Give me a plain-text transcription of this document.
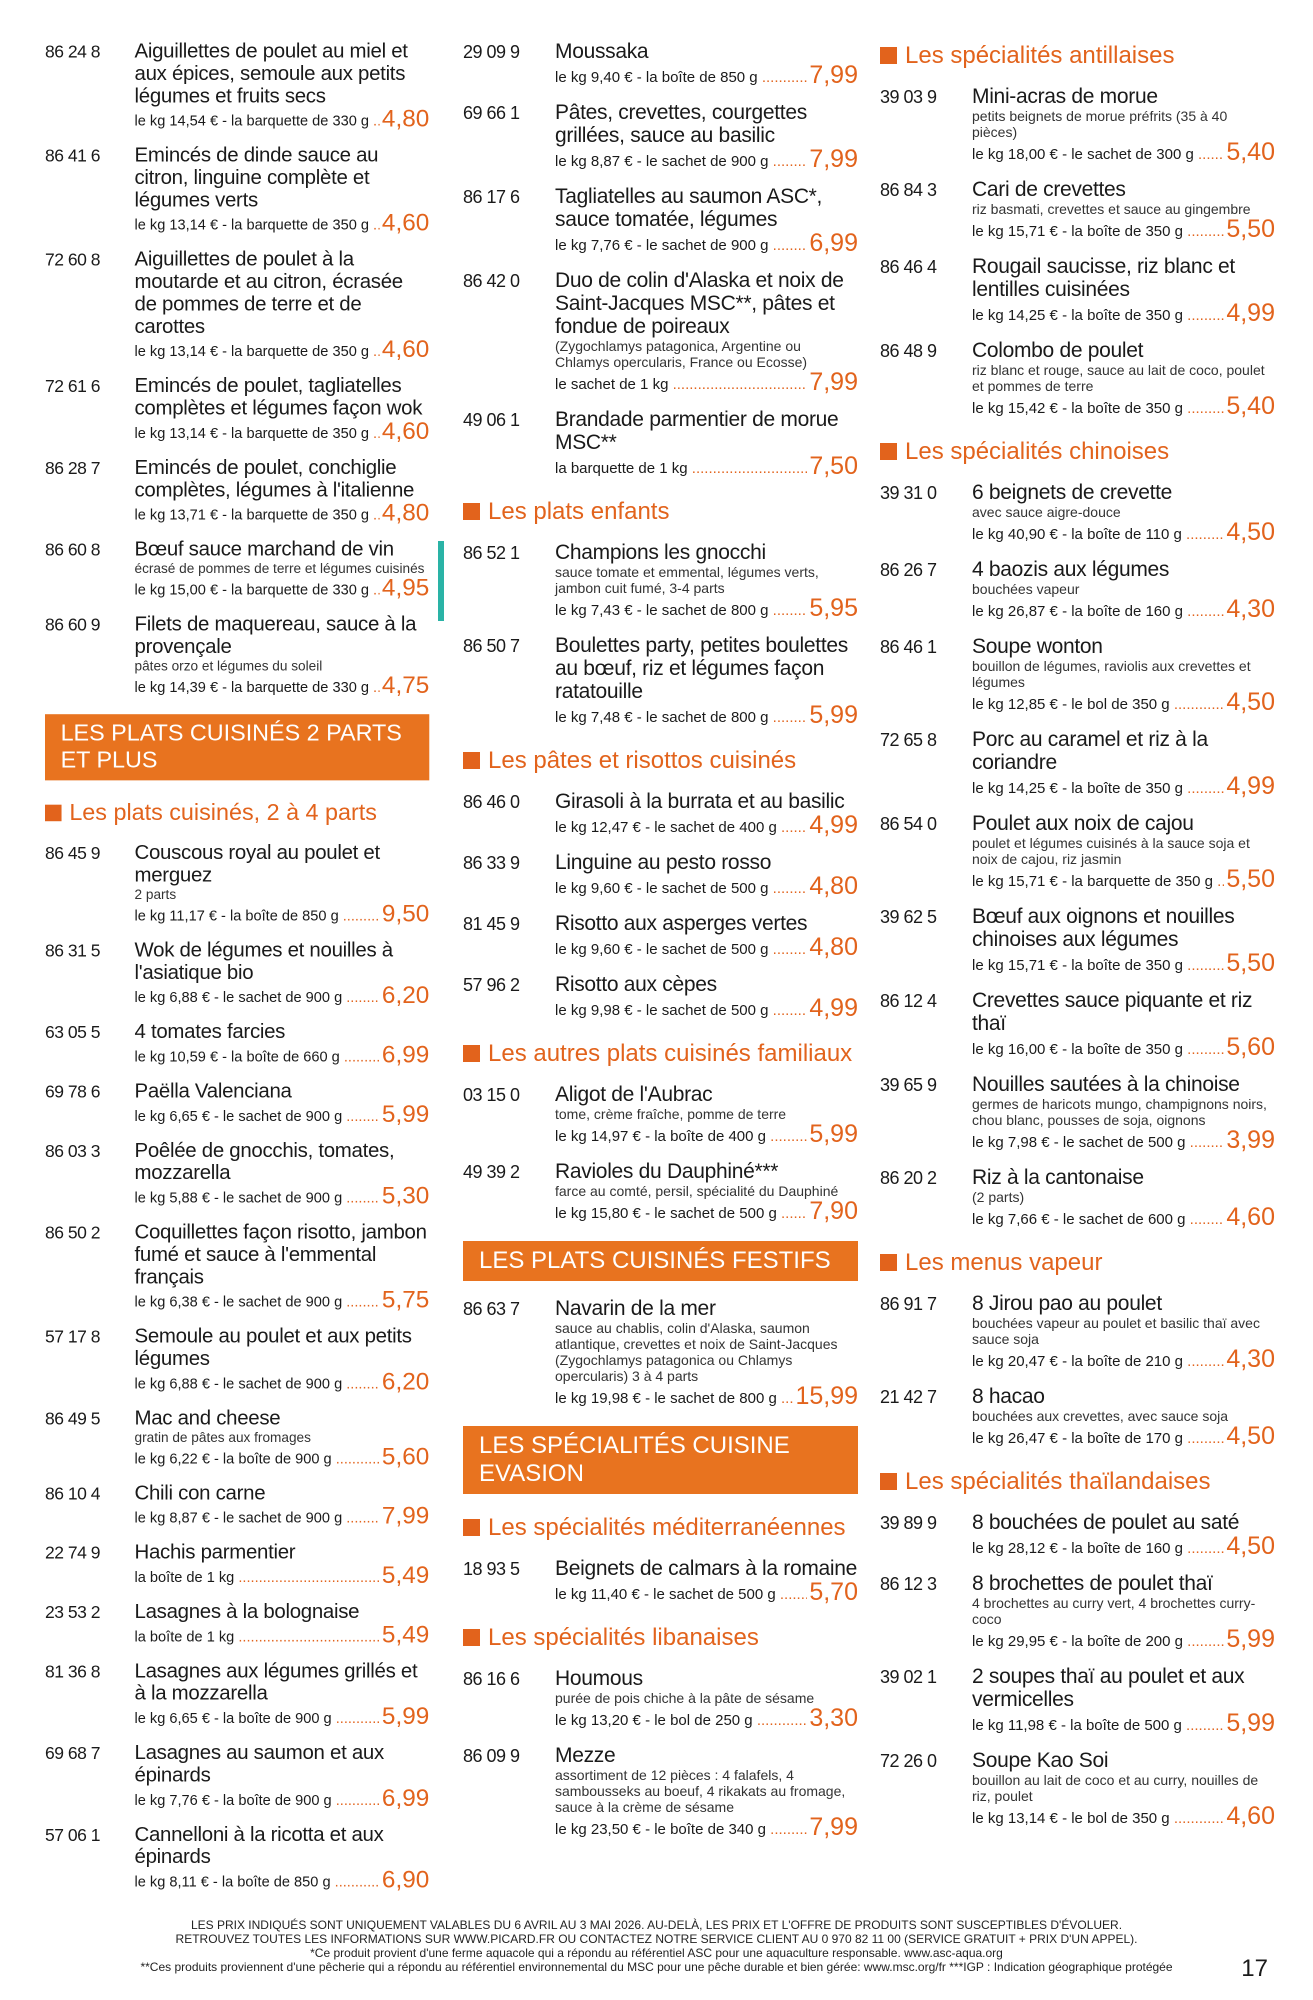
86 24 8	Aiguillettes de poulet au miel et aux épices, semoule aux petits légumes et fruits secs
le kg 14,54 € - la barquette de 330 g ..... 4,80
86 41 6	Emincés de dinde sauce au citron, linguine complète et légumes verts
le kg 13,14 € - la barquette de 350 g ..... 4,60
72 60 8	Aiguillettes de poulet à la moutarde et au citron, écrasée de pommes de terre et de carottes
le kg 13,14 € - la barquette de 350 g ..... 4,60
72 61 6	Emincés de poulet, tagliatelles complètes et légumes façon wok
le kg 13,14 € - la barquette de 350 g ..... 4,60
86 28 7	Emincés de poulet, conchiglie complètes, légumes à l'italienne
le kg 13,71 € - la barquette de 350 g ..... 4,80
86 60 8	Bœuf sauce marchand de vin
écrasé de pommes de terre et légumes cuisinés
le kg 15,00 € - la barquette de 330 g ..... 4,95
86 60 9	Filets de maquereau, sauce à la provençale
pâtes orzo et légumes du soleil
le kg 14,39 € - la barquette de 330 g ..... 4,75
LES PLATS CUISINÉS 2 PARTS ET PLUS
Les plats cuisinés, 2 à 4 parts
86 45 9	Couscous royal au poulet et merguez
2 parts
le kg 11,17 € - la boîte de 850 g .....	9,50
86 31 5	Wok de légumes et nouilles à l'asiatique bio
le kg 6,88 € - le sachet de 900 g .....	6,20
63 05 5	4 tomates farcies
le kg 10,59 € - la boîte de 660 g .....	6,99
69 78 6	Paëlla Valenciana
le kg 6,65 € - le sachet de 900 g .....	5,99
86 03 3	Poêlée de gnocchis, tomates, mozzarella
le kg 5,88 € - le sachet de 900 g .....	5,30
86 50 2	Coquillettes façon risotto, jambon fumé et sauce à l'emmental français
le kg 6,38 € - le sachet de 900 g .....	5,75
57 17 8	Semoule au poulet et aux petits légumes
le kg 6,88 € - le sachet de 900 g .....	6,20
86 49 5	Mac and cheese
gratin de pâtes aux fromages
le kg 6,22 € - la boîte de 900 g .....	5,60
86 10 4	Chili con carne
le kg 8,87 € - le sachet de 900 g .....	7,99
22 74 9	Hachis parmentier
la boîte de 1 kg .....	5,49
23 53 2	Lasagnes à la bolognaise
la boîte de 1 kg .....	5,49
81 36 8	Lasagnes aux légumes grillés et à la mozzarella
le kg 6,65 € - la boîte de 900 g .....	5,99
69 68 7	Lasagnes au saumon et aux épinards
le kg 7,76 € - la boîte de 900 g .....	6,99
57 06 1	Cannelloni à la ricotta et aux épinards
le kg 8,11 € - la boîte de 850 g .....	6,90
29 09 9	Moussaka
le kg 9,40 € - la boîte de 850 g .....	7,99
69 66 1	Pâtes, crevettes, courgettes grillées, sauce au basilic
le kg 8,87 € - le sachet de 900 g .....	7,99
86 17 6	Tagliatelles au saumon ASC*, sauce tomatée, légumes
le kg 7,76 € - le sachet de 900 g .....	6,99
86 42 0	Duo de colin d'Alaska et noix de Saint-Jacques MSC**, pâtes et fondue de poireaux
(Zygochlamys patagonica, Argentine ou Chlamys opercularis, France ou Ecosse)
le sachet de 1 kg .....	7,99
49 06 1	Brandade parmentier de morue MSC**
la barquette de 1 kg .....	7,50
Les plats enfants
86 52 1	Champions les gnocchi
sauce tomate et emmental, légumes verts, jambon cuit fumé, 3-4 parts
le kg 7,43 € - le sachet de 800 g .....	5,95
86 50 7	Boulettes party, petites boulettes au bœuf, riz et légumes façon ratatouille
le kg 7,48 € - le sachet de 800 g .....	5,99
Les pâtes et risottos cuisinés
86 46 0	Girasoli à la burrata et au basilic
le kg 12,47 € - le sachet de 400 g .....	4,99
86 33 9	Linguine au pesto rosso
le kg 9,60 € - le sachet de 500 g .....	4,80
81 45 9	Risotto aux asperges vertes
le kg 9,60 € - le sachet de 500 g .....	4,80
57 96 2	Risotto aux cèpes
le kg 9,98 € - le sachet de 500 g .....	4,99
Les autres plats cuisinés familiaux
03 15 0	Aligot de l'Aubrac
tome, crème fraîche, pomme de terre
le kg 14,97 € - la boîte de 400 g .....	5,99
49 39 2	Ravioles du Dauphiné***
farce au comté, persil, spécialité du Dauphiné
le kg 15,80 € - le sachet de 500 g .....	7,90
LES PLATS CUISINÉS FESTIFS
86 63 7	Navarin de la mer
sauce au chablis, colin d'Alaska, saumon atlantique, crevettes et noix de Saint-Jacques (Zygochlamys patagonica ou Chlamys opercularis) 3 à 4 parts
le kg 19,98 € - le sachet de 800 g ..... 15,99
LES SPÉCIALITÉS CUISINE EVASION
Les spécialités méditerranéennes
18 93 5	Beignets de calmars à la romaine
le kg 11,40 € - le sachet de 500 g .....	5,70
Les spécialités libanaises
86 16 6	Houmous
purée de pois chiche à la pâte de sésame
le kg 13,20 € - le bol de 250 g .....	3,30
86 09 9	Mezze
assortiment de 12 pièces : 4 falafels, 4 sambousseks au boeuf, 4 rikakats au fromage, sauce à la crème de sésame
le kg 23,50 € - le boîte de 340 g .....	7,99
Les spécialités antillaises
39 03 9	Mini-acras de morue
petits beignets de morue préfrits (35 à 40 pièces)
le kg 18,00 € - le sachet de 300 g .....	5,40
86 84 3	Cari de crevettes
riz basmati, crevettes et sauce au gingembre
le kg 15,71 € - la boîte de 350 g .....	5,50
86 46 4	Rougail saucisse, riz blanc et lentilles cuisinées
le kg 14,25 € - la boîte de 350 g .....	4,99
86 48 9	Colombo de poulet
riz blanc et rouge, sauce au lait de coco, poulet et pommes de terre
le kg 15,42 € - la boîte de 350 g .....	5,40
Les spécialités chinoises
39 31 0	6 beignets de crevette
avec sauce aigre-douce
le kg 40,90 € - la boîte de 110 g .....	4,50
86 26 7	4 baozis aux légumes
bouchées vapeur
le kg 26,87 € - la boîte de 160 g .....	4,30
86 46 1	Soupe wonton
bouillon de légumes, raviolis aux crevettes et légumes
le kg 12,85 € - le bol de 350 g .....	4,50
72 65 8	Porc au caramel et riz à la coriandre
le kg 14,25 € - la boîte de 350 g .....	4,99
86 54 0	Poulet aux noix de cajou
poulet et légumes cuisinés à la sauce soja et noix de cajou, riz jasmin
le kg 15,71 € - la barquette de 350 g ..... 5,50
39 62 5	Bœuf aux oignons et nouilles chinoises aux légumes
le kg 15,71 € - la boîte de 350 g .....	5,50
86 12 4	Crevettes sauce piquante et riz thaï
le kg 16,00 € - la boîte de 350 g .....	5,60
39 65 9	Nouilles sautées à la chinoise
germes de haricots mungo, champignons noirs, chou blanc, pousses de soja, oignons
le kg 7,98 € - le sachet de 500 g .....	3,99
86 20 2	Riz à la cantonaise
(2 parts)
le kg 7,66 € - le sachet de 600 g .....	4,60
Les menus vapeur
86 91 7	8 Jirou pao au poulet
bouchées vapeur au poulet et basilic thaï avec sauce soja
le kg 20,47 € - la boîte de 210 g .....	4,30
21 42 7	8 hacao
bouchées aux crevettes, avec sauce soja
le kg 26,47 € - la boîte de 170 g .....	4,50
Les spécialités thaïlandaises
39 89 9	8 bouchées de poulet au saté
le kg 28,12 € - la boîte de 160 g .....	4,50
86 12 3	8 brochettes de poulet thaï
4 brochettes au curry vert, 4 brochettes curry-coco
le kg 29,95 € - la boîte de 200 g .....	5,99
39 02 1	2 soupes thaï au poulet et aux vermicelles
le kg 11,98 € - la boîte de 500 g .....	5,99
72 26 0	Soupe Kao Soi
bouillon au lait de coco et au curry, nouilles de riz, poulet
le kg 13,14 € - le bol de 350 g .....	4,60
LES PRIX INDIQUÉS SONT UNIQUEMENT VALABLES DU 6 AVRIL AU 3 MAI 2026. AU-DELÀ, LES PRIX ET L'OFFRE DE PRODUITS SONT SUSCEPTIBLES D'ÉVOLUER.
RETROUVEZ TOUTES LES INFORMATIONS SUR WWW.PICARD.FR OU CONTACTEZ NOTRE SERVICE CLIENT AU 0 970 82 11 00 (SERVICE GRATUIT + PRIX D'UN APPEL).
*Ce produit provient d'une ferme aquacole qui a répondu au référentiel ASC pour une aquaculture responsable. www.asc-aqua.org
**Ces produits proviennent d'une pêcherie qui a répondu au référentiel environnemental du MSC pour une pêche durable et bien gérée: www.msc.org/fr ***IGP : Indication géographique protégée	17
